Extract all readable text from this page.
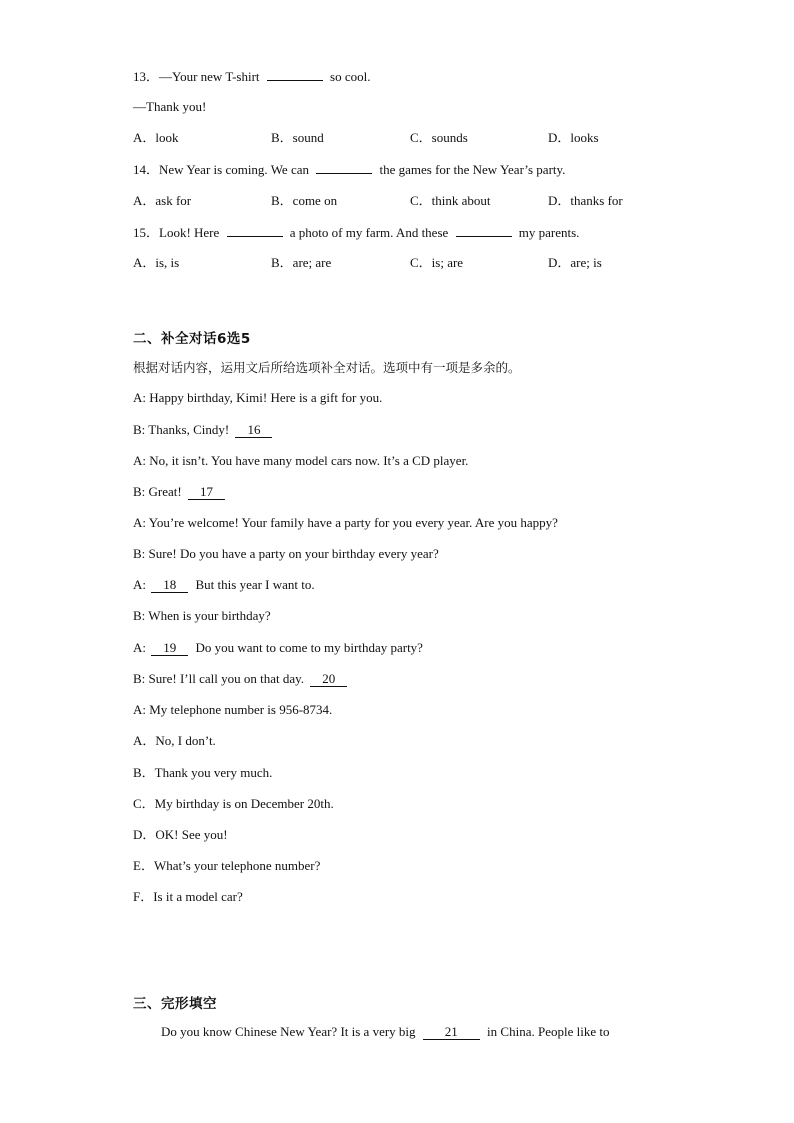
13．—Your new T-shirt	so cool.
—Thank you!
A．look	B．sound	C．sounds	D．looks
14．New Year is coming. We can	the games for the New Year’s party.
A．ask for	B．come on	C．think about	D．thanks for
15．Look! Here	a photo of my farm. And these	my parents.
A．is, is	B．are; are	C．is; are	D．are; is
二、补全对话6选5
根据对话内容，运用文后所给选项补全对话。选项中有一项是多余的。
A: Happy birthday, Kimi! Here is a gift for you.
B: Thanks, Cindy! 16
A: No, it isn’t. You have many model cars now. It’s a CD player.
B: Great! 17
A: You’re welcome! Your family have a party for you every year. Are you happy?
B: Sure! Do you have a party on your birthday every year?
A: 18 But this year I want to.
B: When is your birthday?
A: 19 Do you want to come to my birthday party?
B: Sure! I’ll call you on that day. 20
A: My telephone number is 956-8734.
A．No, I don’t.
B．Thank you very much.
C．My birthday is on December 20th.
D．OK! See you!
E．What’s your telephone number?
F．Is it a model car?
三、完形填空
Do you know Chinese New Year? It is a very big 21 in China. People like to
